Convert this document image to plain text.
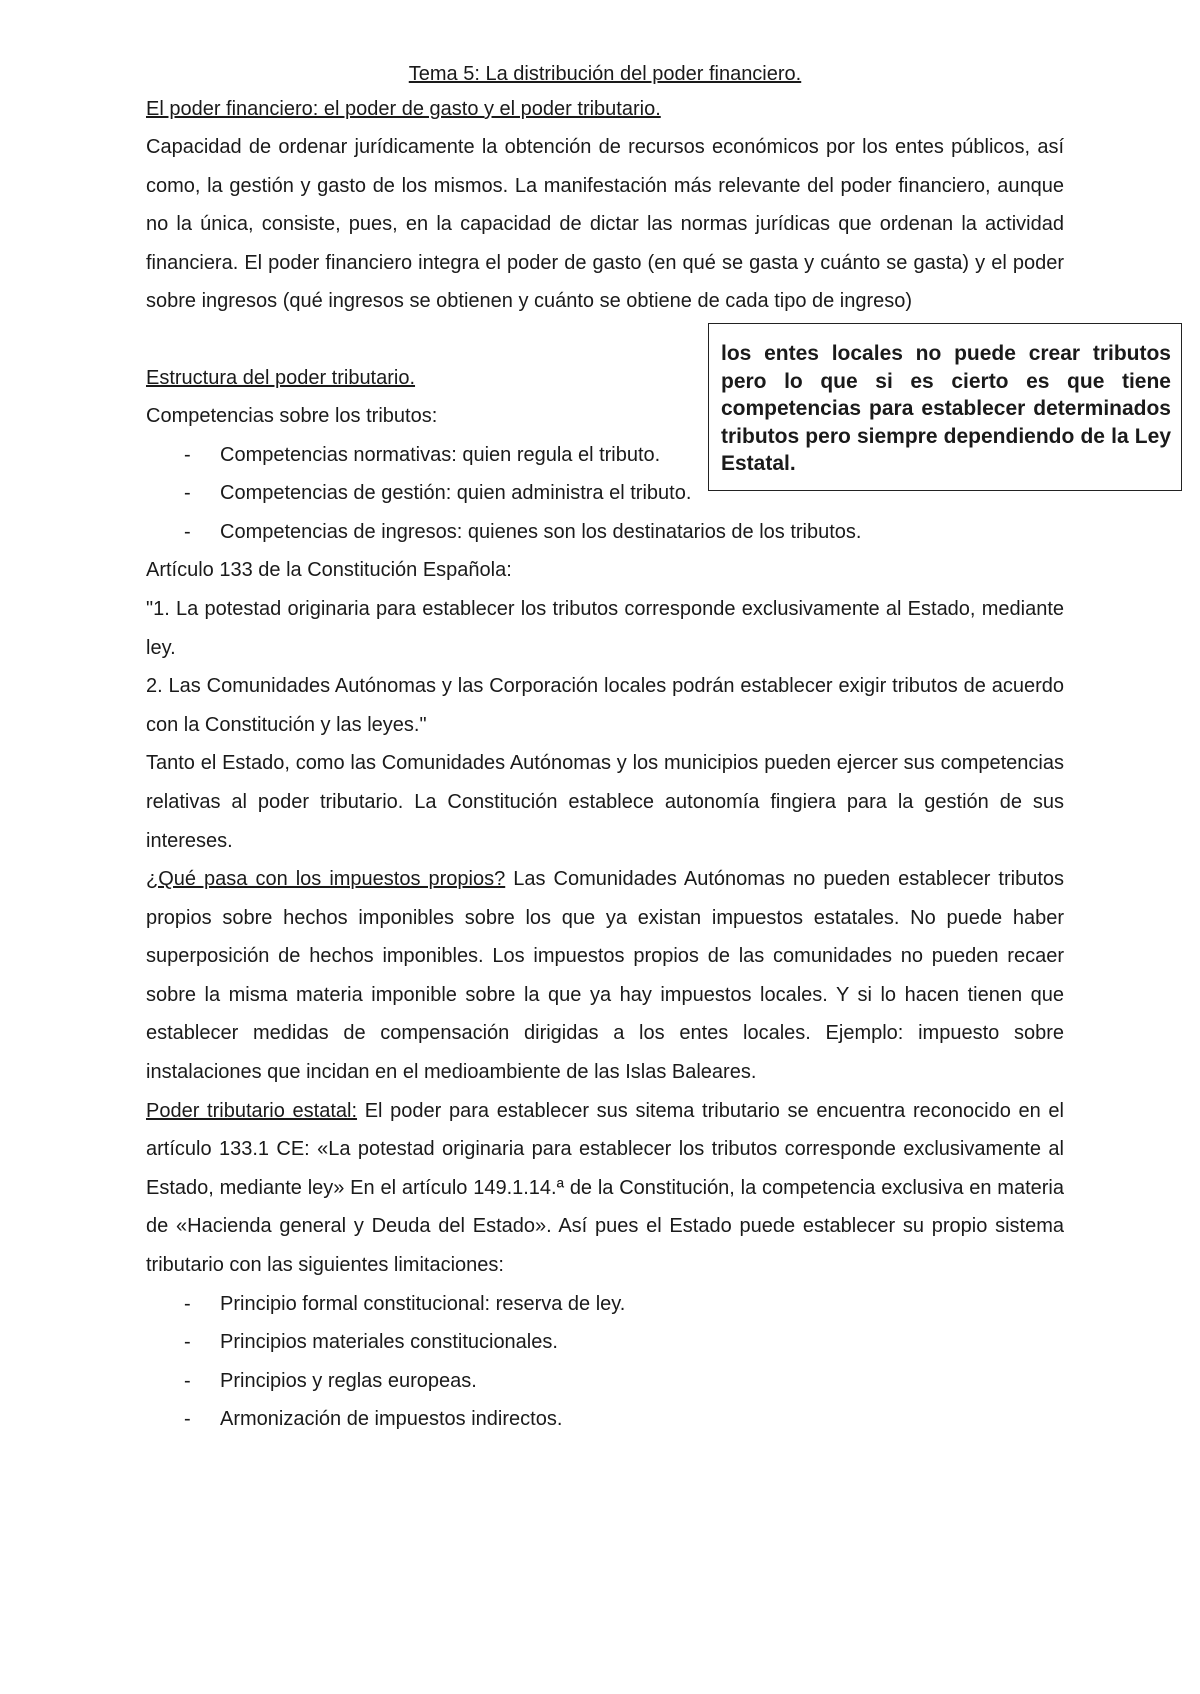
Tema 5: La distribución del poder financiero.
El poder financiero: el poder de gasto y el poder tributario.

Capacidad de ordenar jurídicamente la obtención de recursos económicos por los entes públicos, así como, la gestión y gasto de los mismos. La manifestación más relevante del poder financiero, aunque no la única, consiste, pues, en la capacidad de dictar las normas jurídicas que ordenan la actividad financiera. El poder financiero integra el poder de gasto (en qué se gasta y cuánto se gasta) y el poder sobre ingresos (qué ingresos se obtienen y cuánto se obtiene de cada tipo de ingreso)

Estructura del poder tributario.

Competencias sobre los tributos:

- Competencias normativas: quien regula el tributo.
- Competencias de gestión: quien administra el tributo.
- Competencias de ingresos: quienes son los destinatarios de los tributos.

Artículo 133 de la Constitución Española:

"1. La potestad originaria para establecer los tributos corresponde exclusivamente al Estado, mediante ley.

2. Las Comunidades Autónomas y las Corporación locales podrán establecer exigir tributos de acuerdo con la Constitución y las leyes."

Tanto el Estado, como las Comunidades Autónomas y los municipios pueden ejercer sus competencias relativas al poder tributario. La Constitución establece autonomía fingiera para la gestión de sus intereses.

¿Qué pasa con los impuestos propios? Las Comunidades Autónomas no pueden establecer tributos propios sobre hechos imponibles sobre los que ya existan impuestos estatales. No puede haber superposición de hechos imponibles. Los impuestos propios de las comunidades no pueden recaer sobre la misma materia imponible sobre la que ya hay impuestos locales. Y si lo hacen tienen que establecer medidas de compensación dirigidas a los entes locales. Ejemplo: impuesto sobre instalaciones que incidan en el medioambiente de las Islas Baleares.

Poder tributario estatal: El poder para establecer sus sitema tributario se encuentra reconocido en el artículo 133.1 CE: «La potestad originaria para establecer los tributos corresponde exclusivamente al Estado, mediante ley» En el artículo 149.1.14.ª de la Constitución, la competencia exclusiva en materia de «Hacienda general y Deuda del Estado». Así pues el Estado puede establecer su propio sistema tributario con las siguientes limitaciones:

- Principio formal constitucional: reserva de ley.
- Principios materiales constitucionales.
- Principios y reglas europeas.
- Armonización de impuestos indirectos.
los entes locales no puede crear tributos pero lo que si es cierto es que tiene competencias para establecer determinados tributos pero siempre dependiendo de la Ley Estatal.
